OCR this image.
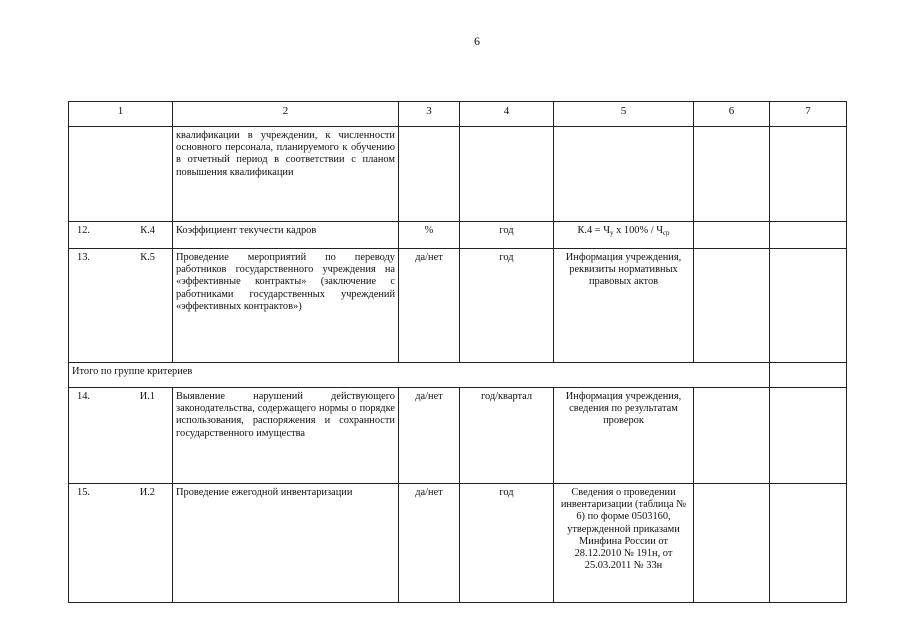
6
1	2	3	4	5	6	7
	квалификации в учреждении, к численности основного персонала, планируемого к обучению в отчетный период в соответствии с планом повышения квалификации					

12. К.4	Коэффициент текучести кадров	%	год	$К.4 = Ч_у$ х $100\% / Ч_{ср}$		

13. К.5	Проведение мероприятий по переводу работников государственного учреждения на «эффективные контракты» (заключение с работниками государственных учреждений «эффективных контрактов»)	да/нет	год	Информация учреждения, реквизиты нормативных правовых актов		
Итого по группе критериев						

14. И.1	Выявление нарушений действующего законодательства, содержащего нормы о порядке использования, распоряжения и сохранности государственного имущества	да/нет	год/квартал	Информация учреждения, сведения по результатам проверок		

15. И.2	Проведение ежегодной инвентаризации	да/нет	год	Сведения о проведении инвентаризации (таблица № 6) по форме 0503160, утвержденной приказами Минфина России от 28.12.2010 № 191н, от 25.03.2011 № 33н		
